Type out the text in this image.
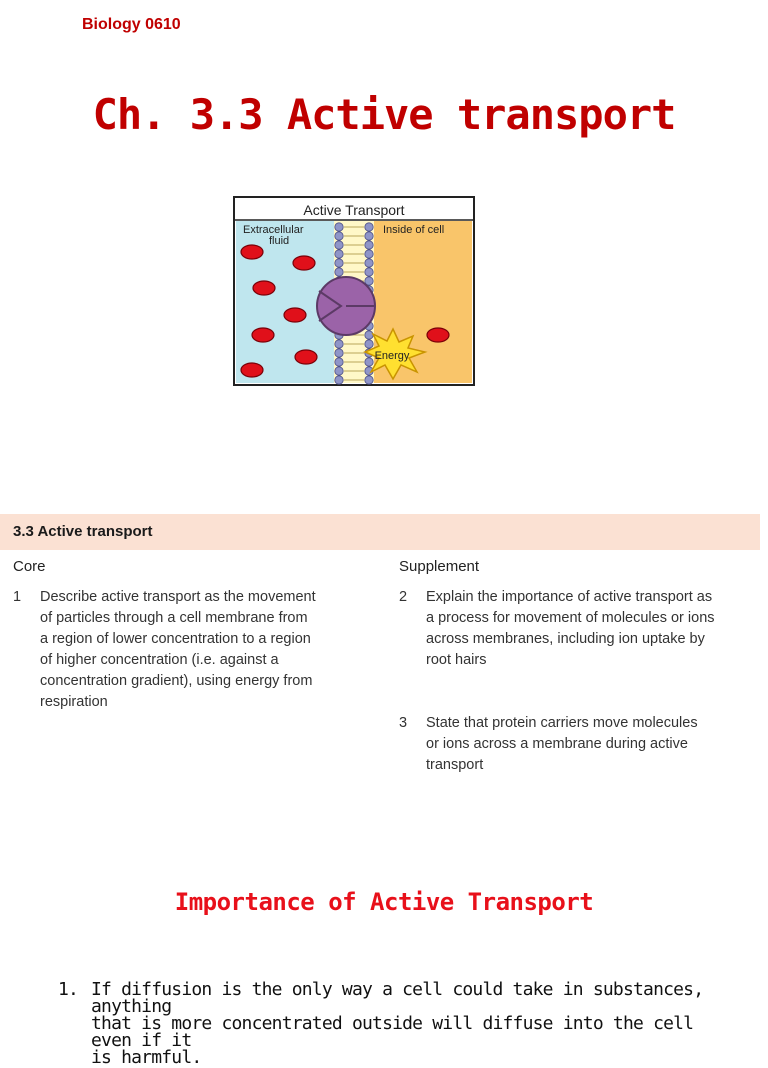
Biology 0610
Ch. 3.3 Active transport
Active Transport
Extracellular
fluid
Inside of cell
Energy
3.3 Active transport
Core	Supplement
1 Describe active transport as the movement
of particles through a cell membrane from
a region of lower concentration to a region
of higher concentration (i.e. against a
concentration gradient), using energy from
respiration
2 Explain the importance of active transport as
a process for movement of molecules or ions
across membranes, including ion uptake by
root hairs
3 State that protein carriers move molecules
or ions across a membrane during active
transport
Importance of Active Transport
1. If diffusion is the only way a cell could take in substances, anything
that is more concentrated outside will diffuse into the cell even if it
is harmful.
